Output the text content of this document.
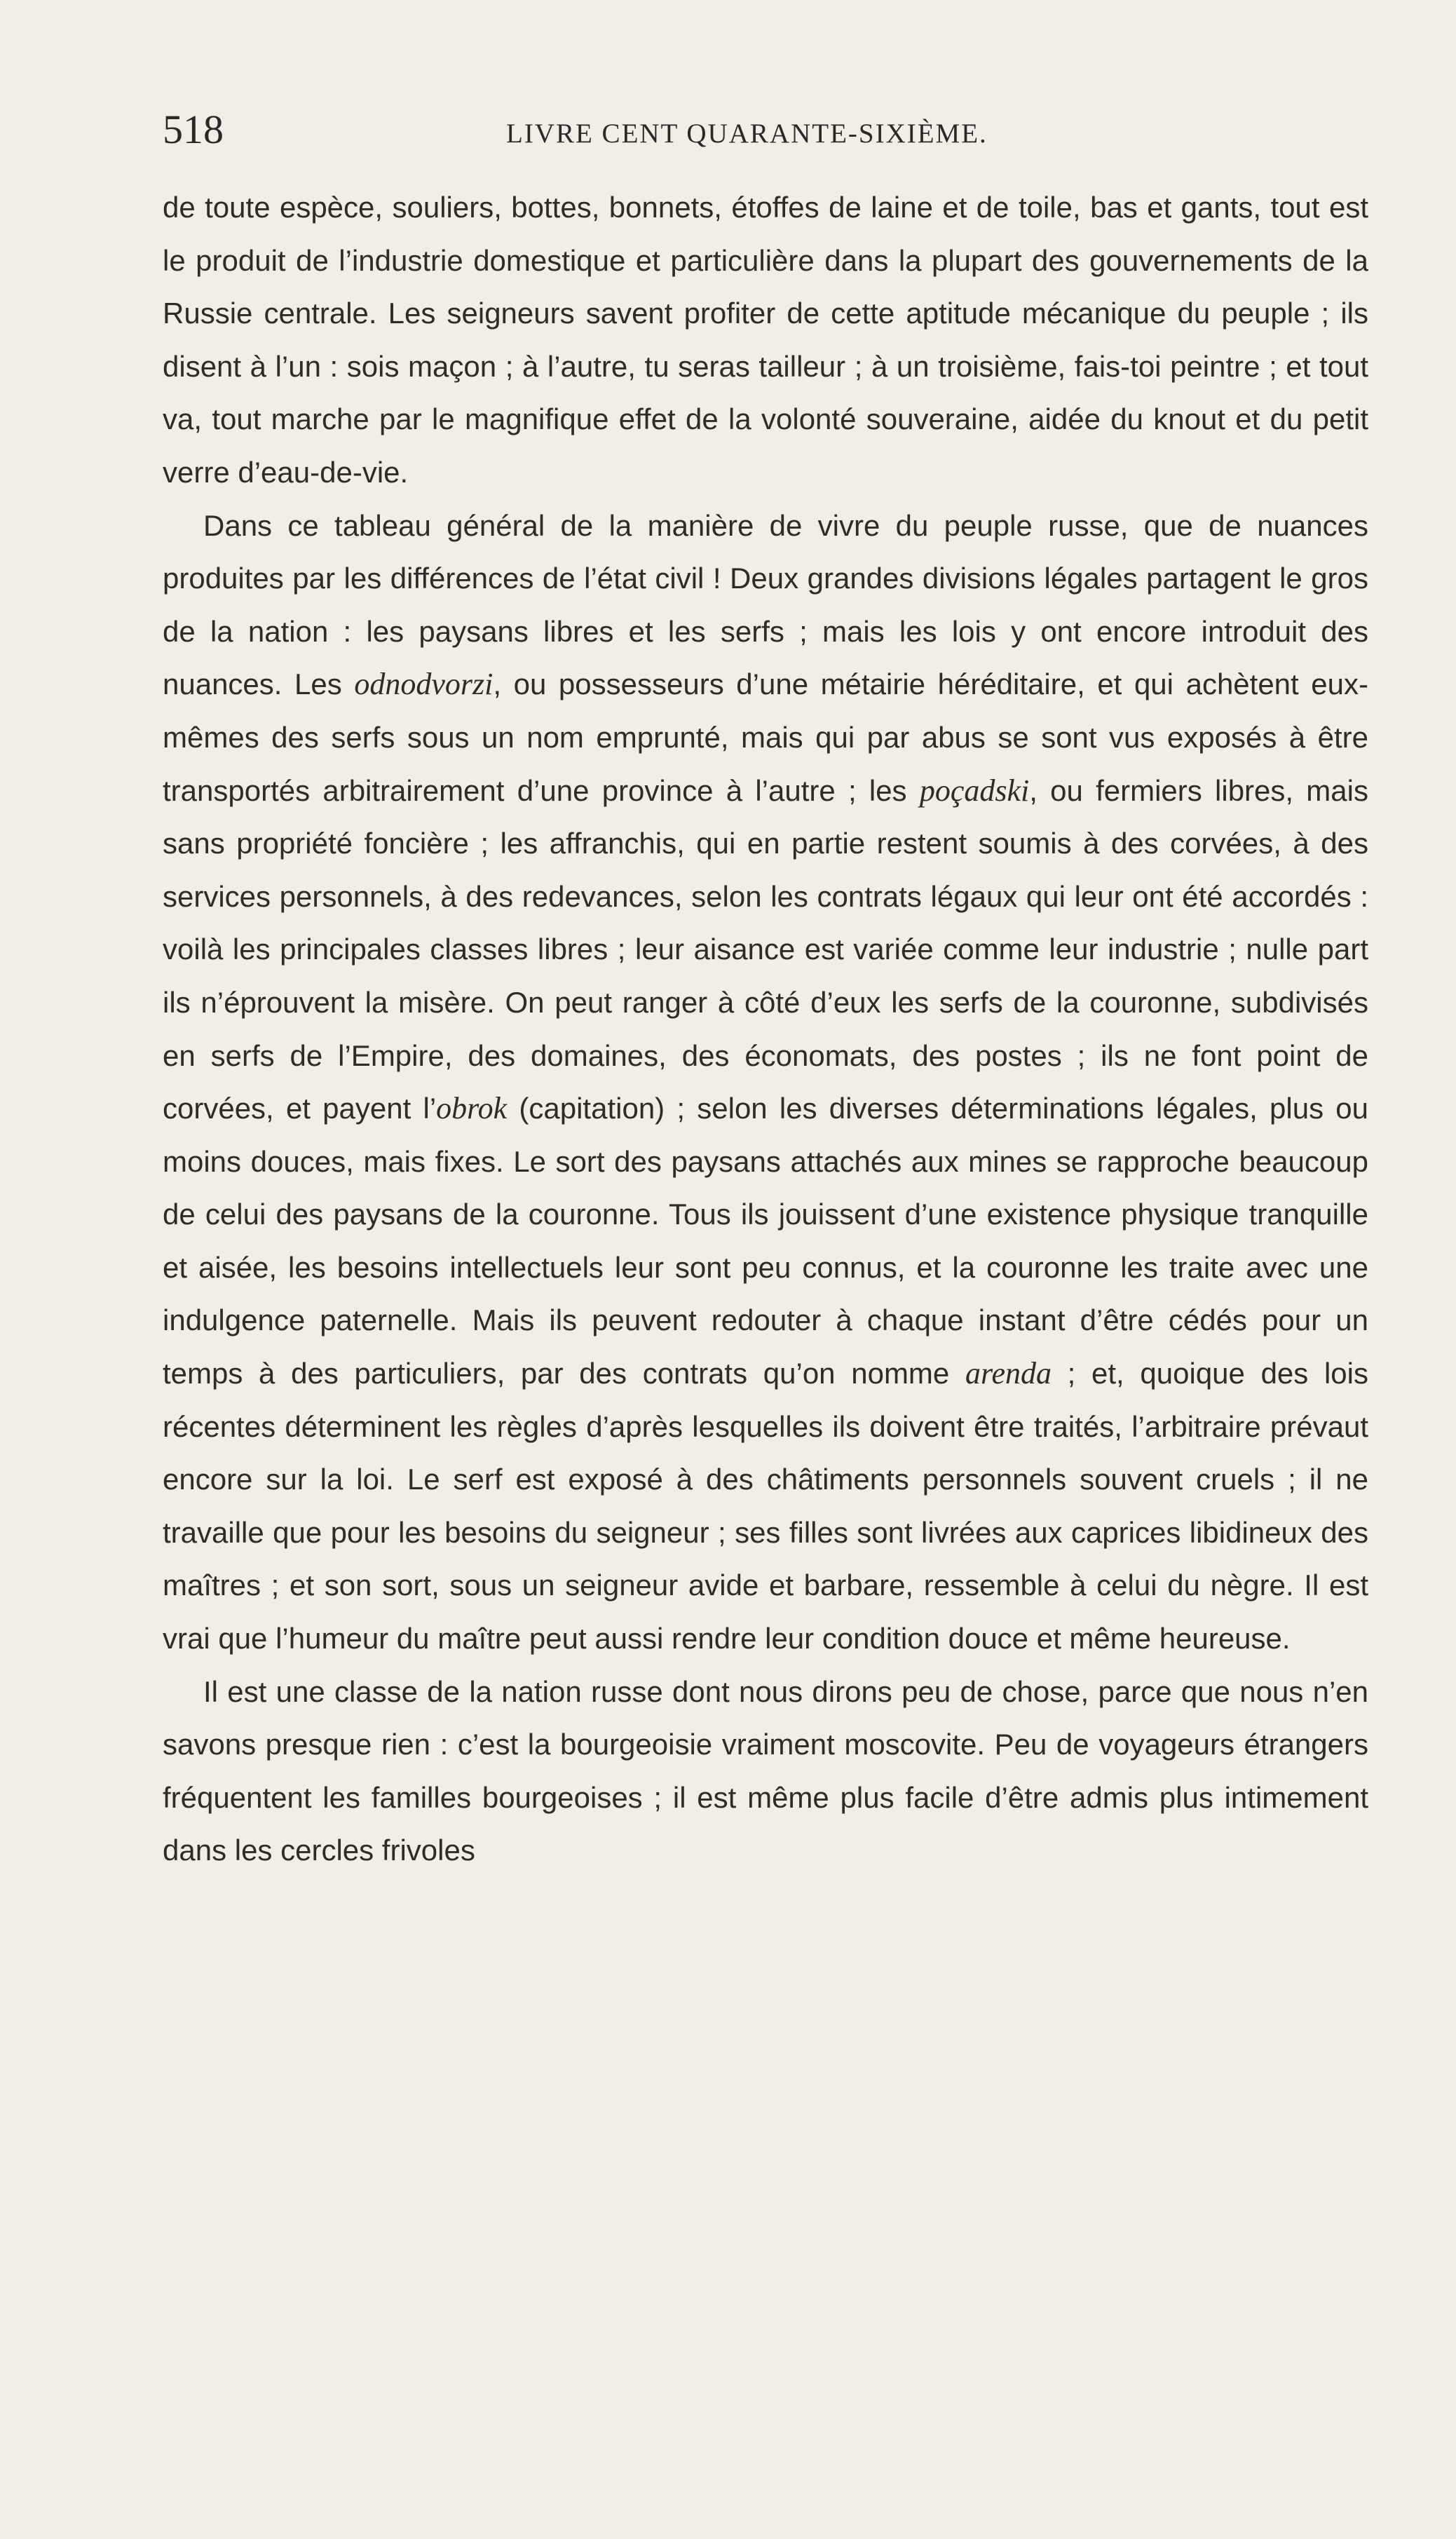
518	LIVRE CENT QUARANTE-SIXIÈME.

de toute espèce, souliers, bottes, bonnets, étoffes de laine et de toile, bas et gants, tout est le produit de l’industrie domestique et particulière dans la plupart des gouvernements de la Russie centrale. Les seigneurs savent profiter de cette aptitude mécanique du peuple ; ils disent à l’un : sois maçon ; à l’autre, tu seras tailleur ; à un troisième, fais-toi peintre ; et tout va, tout marche par le magnifique effet de la volonté souveraine, aidée du knout et du petit verre d’eau-de-vie.

Dans ce tableau général de la manière de vivre du peuple russe, que de nuances produites par les différences de l’état civil ! Deux grandes divisions légales partagent le gros de la nation : les paysans libres et les serfs ; mais les lois y ont encore introduit des nuances. Les odnodvorzi, ou possesseurs d’une métairie héréditaire, et qui achètent eux-mêmes des serfs sous un nom emprunté, mais qui par abus se sont vus exposés à être transportés arbitrairement d’une province à l’autre ; les poçadski, ou fermiers libres, mais sans propriété foncière ; les affranchis, qui en partie restent soumis à des corvées, à des services personnels, à des redevances, selon les contrats légaux qui leur ont été accordés : voilà les principales classes libres ; leur aisance est variée comme leur industrie ; nulle part ils n’éprouvent la misère. On peut ranger à côté d’eux les serfs de la couronne, subdivisés en serfs de l’Empire, des domaines, des économats, des postes ; ils ne font point de corvées, et payent l’obrok (capitation) ; selon les diverses déterminations légales, plus ou moins douces, mais fixes. Le sort des paysans attachés aux mines se rapproche beaucoup de celui des paysans de la couronne. Tous ils jouissent d’une existence physique tranquille et aisée, les besoins intellectuels leur sont peu connus, et la couronne les traite avec une indulgence paternelle. Mais ils peuvent redouter à chaque instant d’être cédés pour un temps à des particuliers, par des contrats qu’on nomme arenda ; et, quoique des lois récentes déterminent les règles d’après lesquelles ils doivent être traités, l’arbitraire prévaut encore sur la loi. Le serf est exposé à des châtiments personnels souvent cruels ; il ne travaille que pour les besoins du seigneur ; ses filles sont livrées aux caprices libidineux des maîtres ; et son sort, sous un seigneur avide et barbare, ressemble à celui du nègre. Il est vrai que l’humeur du maître peut aussi rendre leur condition douce et même heureuse.

Il est une classe de la nation russe dont nous dirons peu de chose, parce que nous n’en savons presque rien : c’est la bourgeoisie vraiment moscovite. Peu de voyageurs étrangers fréquentent les familles bourgeoises ; il est même plus facile d’être admis plus intimement dans les cercles frivoles
